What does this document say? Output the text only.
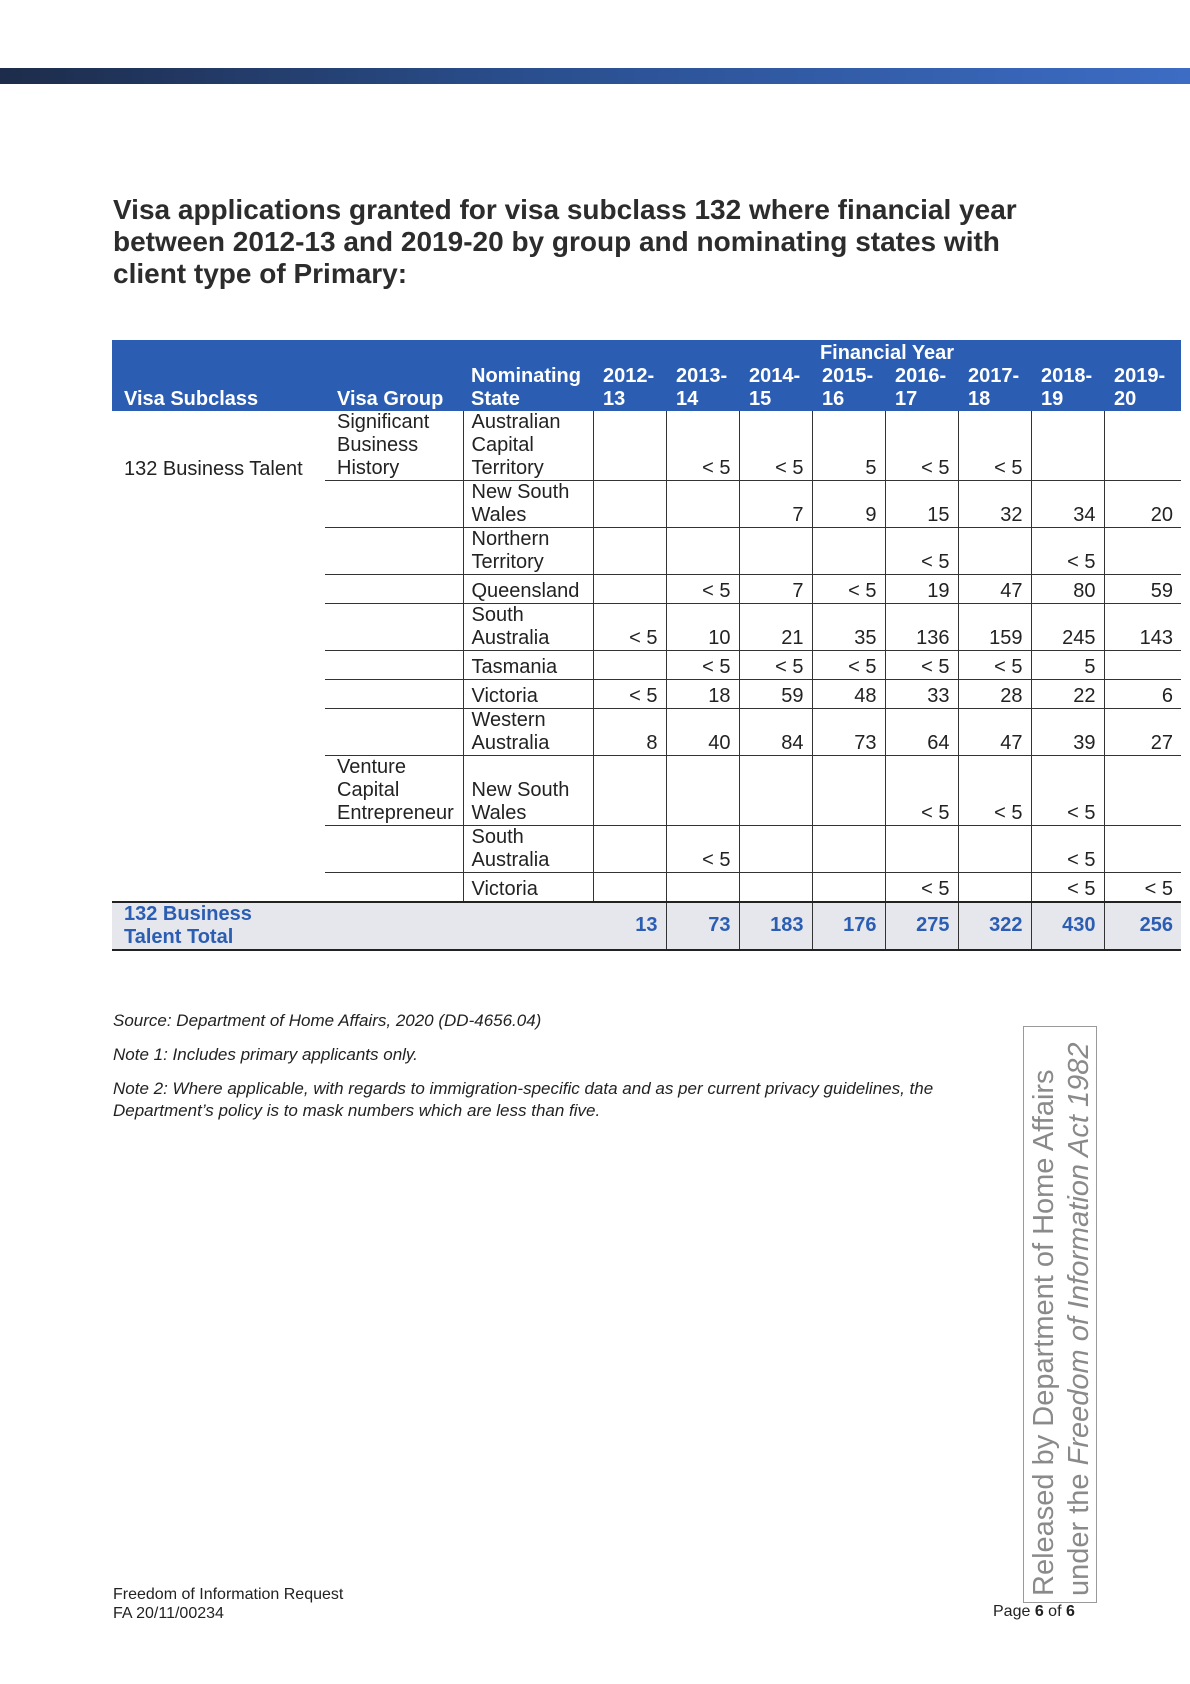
Visa applications granted for visa subclass 132 where financial year between 2012-13 and 2019-20 by group and nominating states with client type of Primary:
			Financial Year							
Visa Subclass	Visa Group	Nominating State	2012-13	2013-14	2014-15	2015-16	2016-17	2017-18	2018-19	2019-20
132 Business Talent	Significant Business History	Australian Capital Territory		< 5	< 5	5	< 5	< 5		
		New South Wales			7	9	15	32	34	20
		Northern Territory					< 5		< 5	
		Queensland		< 5	7	< 5	19	47	80	59
		South Australia	< 5	10	21	35	136	159	245	143
		Tasmania		< 5	< 5	< 5	< 5	< 5	5	
		Victoria	< 5	18	59	48	33	28	22	6
		Western Australia	8	40	84	73	64	47	39	27
	Venture Capital Entrepreneur	New South Wales					< 5	< 5	< 5	
		South Australia		< 5					< 5	
		Victoria					< 5		< 5	< 5

132 Business Talent Total			13	73	183	176	275	322	430	256

Source: Department of Home Affairs, 2020 (DD-4656.04)

Note 1: Includes primary applicants only.

Note 2: Where applicable, with regards to immigration-specific data and as per current privacy guidelines, the Department’s policy is to mask numbers which are less than five.	Released by Department of Home Affairs under the Freedom of Information Act 1982
Freedom of Information Request
FA 20/11/00234	Page 6 of 6
